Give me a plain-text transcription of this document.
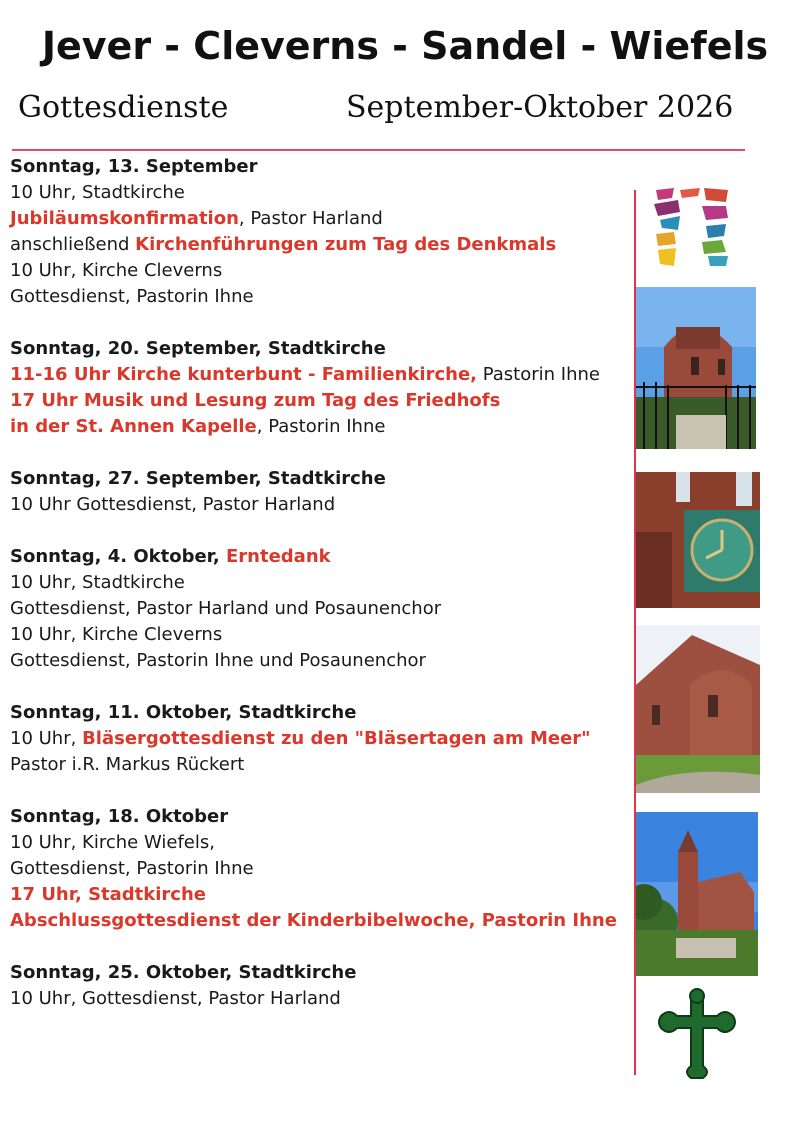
Jever - Cleverns - Sandel - Wiefels
Gottesdienste	September-Oktober 2026
Sonntag, 13. September
10 Uhr, Stadtkirche
Jubiläumskonfirmation, Pastor Harland
anschließend Kirchenführungen zum Tag des Denkmals
10 Uhr, Kirche Cleverns
Gottesdienst, Pastorin Ihne
Sonntag, 20. September, Stadtkirche
11-16 Uhr Kirche kunterbunt - Familienkirche, Pastorin Ihne
17 Uhr Musik und Lesung zum Tag des Friedhofs
in der St. Annen Kapelle, Pastorin Ihne
Sonntag, 27. September, Stadtkirche
10 Uhr Gottesdienst, Pastor Harland
Sonntag, 4. Oktober, Erntedank
10 Uhr, Stadtkirche
Gottesdienst, Pastor Harland und Posaunenchor
10 Uhr, Kirche Cleverns
Gottesdienst, Pastorin Ihne und Posaunenchor
Sonntag, 11. Oktober, Stadtkirche
10 Uhr, Bläsergottesdienst zu den "Bläsertagen am Meer"
Pastor i.R. Markus Rückert
Sonntag, 18. Oktober
10 Uhr, Kirche Wiefels,
Gottesdienst, Pastorin Ihne
17 Uhr, Stadtkirche
Abschlussgottesdienst der Kinderbibelwoche, Pastorin Ihne
Sonntag, 25. Oktober, Stadtkirche
10 Uhr, Gottesdienst, Pastor Harland
